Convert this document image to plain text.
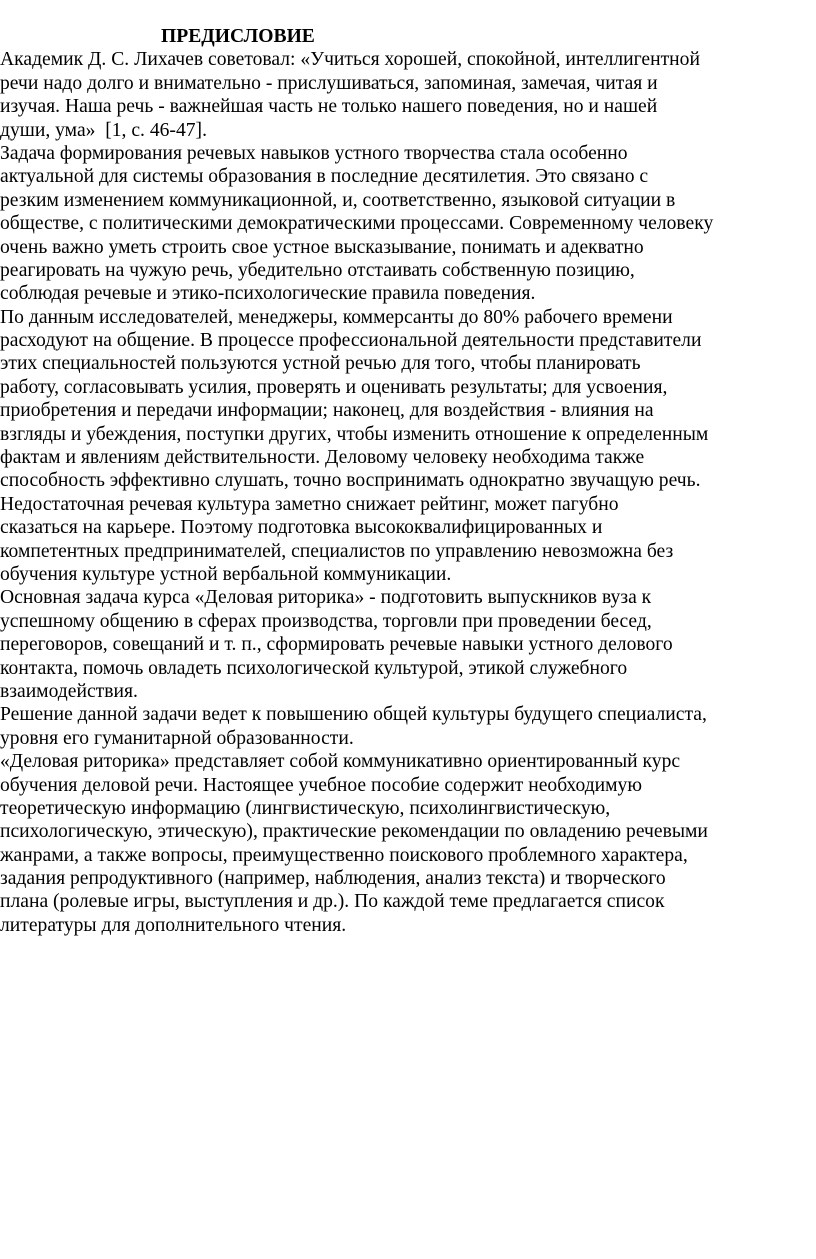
ПРЕДИСЛОВИЕ
Академик Д. С. Лихачев советовал: «Учиться хорошей, спокойной, интеллигентной
речи надо долго и внимательно - прислушиваться, запоминая, замечая, читая и
изучая. Наша речь - важнейшая часть не только нашего поведения, но и нашей
души, ума»  [1, с. 46-47].
Задача формирования речевых навыков устного творчества стала особенно
актуальной для системы образования в последние десятилетия. Это связано с
резким изменением коммуникационной, и, соответственно, языковой ситуации в
обществе, с политическими демократическими процессами. Современному человеку
очень важно уметь строить свое устное высказывание, понимать и адекватно
реагировать на чужую речь, убедительно отстаивать собственную позицию,
соблюдая речевые и этико-психологические правила поведения.
По данным исследователей, менеджеры, коммерсанты до 80% рабочего времени
расходуют на общение. В процессе профессиональной деятельности представители
этих специальностей пользуются устной речью для того, чтобы планировать
работу, согласовывать усилия, проверять и оценивать результаты; для усвоения,
приобретения и передачи информации; наконец, для воздействия - влияния на
взгляды и убеждения, поступки других, чтобы изменить отношение к определенным
фактам и явлениям действительности. Деловому человеку необходима также
способность эффективно слушать, точно воспринимать однократно звучащую речь.
Недостаточная речевая культура заметно снижает рейтинг, может пагубно
сказаться на карьере. Поэтому подготовка высококвалифицированных и
компетентных предпринимателей, специалистов по управлению невозможна без
обучения культуре устной вербальной коммуникации.
Основная задача курса «Деловая риторика» - подготовить выпускников вуза к
успешному общению в сферах производства, торговли при проведении бесед,
переговоров, совещаний и т. п., сформировать речевые навыки устного делового
контакта, помочь овладеть психологической культурой, этикой служебного
взаимодействия.
Решение данной задачи ведет к повышению общей культуры будущего специалиста,
уровня его гуманитарной образованности.
«Деловая риторика» представляет собой коммуникативно ориентированный курс
обучения деловой речи. Настоящее учебное пособие содержит необходимую
теоретическую информацию (лингвистическую, психолингвистическую,
психологическую, этическую), практические рекомендации по овладению речевыми
жанрами, а также вопросы, преимущественно поискового проблемного характера,
задания репродуктивного (например, наблюдения, анализ текста) и творческого
плана (ролевые игры, выступления и др.). По каждой теме предлагается список
литературы для дополнительного чтения.
